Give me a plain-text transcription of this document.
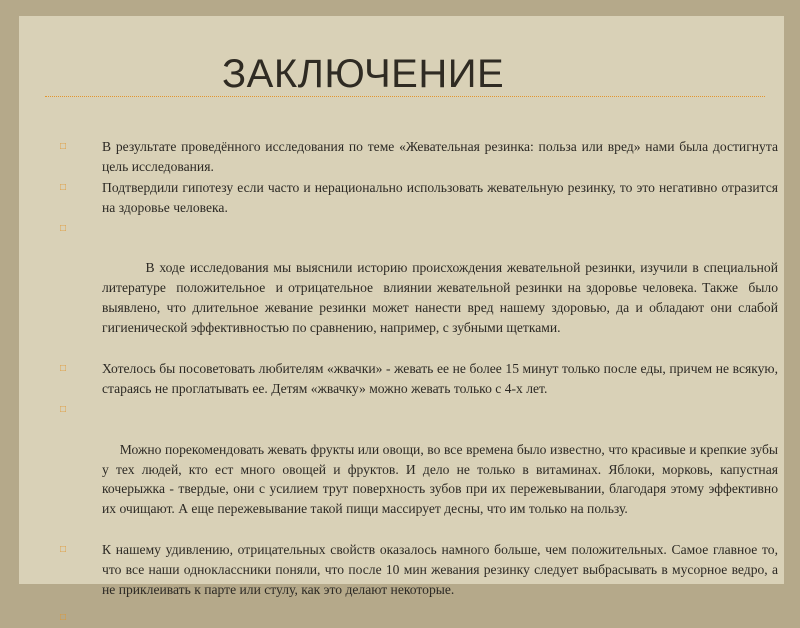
ЗАКЛЮЧЕНИЕ
□	В результате проведённого исследования по теме «Жевательная резинка: польза или вред» нами была достигнута цель исследования.
□	Подтвердили гипотезу если часто и нерационально использовать жевательную резинку, то это негативно отразится на здоровье человека.

□

В ходе исследования мы выяснили историю происхождения жевательной резинки, изучили в специальной литературе  положительное  и отрицательное  влиянии жевательной резинки на здоровье человека. Также  было выявлено, что длительное жевание резинки может нанести вред нашему здоровью, да и обладают они слабой гигиенической эффективностью по сравнению, например, с зубными щетками.

□	Хотелось бы посоветовать любителям «жвачки» - жевать ее не более 15 минут только после еды, причем не всякую, стараясь не проглатывать ее. Детям «жвачку» можно жевать только с 4-х лет.

□

Можно порекомендовать жевать фрукты или овощи, во все времена было известно, что красивые и крепкие зубы у тех людей, кто ест много овощей и фруктов. И дело не только в витаминах. Яблоки, морковь, капустная кочерыжка - твердые, они с усилием трут поверхность зубов при их пережевывании, благодаря этому эффективно их очищают. А еще пережевывание такой пищи массирует десны, что им только на пользу.

□	К нашему удивлению, отрицательных свойств оказалось намного больше, чем положительных. Самое главное то, что все наши одноклассники поняли, что после 10 мин жевания резинку следует выбрасывать в мусорное ведро, а не приклеивать к парте или стулу, как это делают некоторые.
□
